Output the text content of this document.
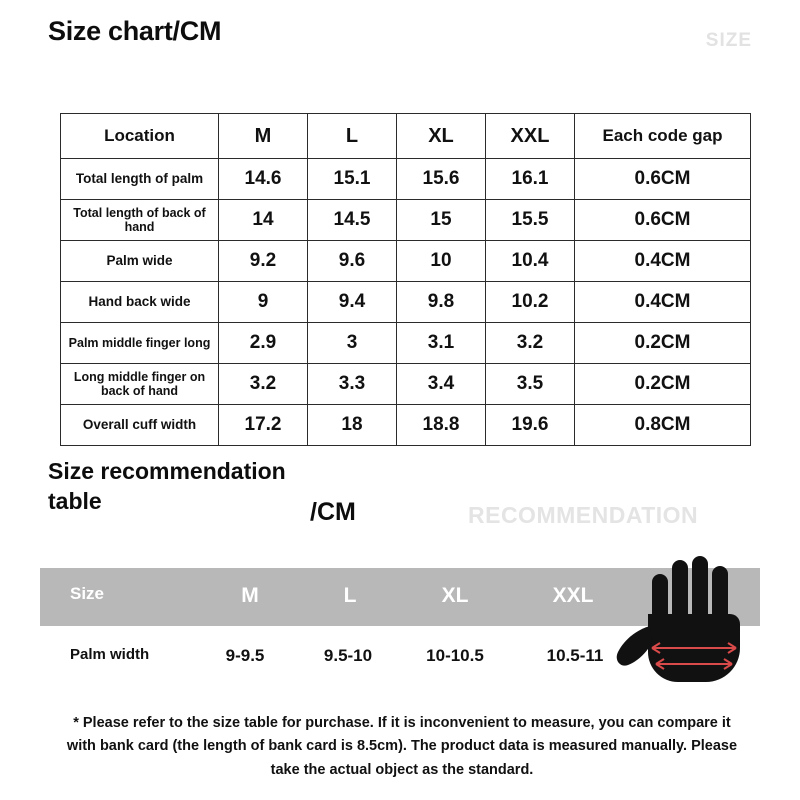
Size chart/CM	SIZE
Location	M	L	XL	XXL	Each code gap
Total length of palm	14.6	15.1	15.6	16.1	0.6CM
Total length of back of hand	14	14.5	15	15.5	0.6CM
Palm wide	9.2	9.6	10	10.4	0.4CM
Hand back wide	9	9.4	9.8	10.2	0.4CM
Palm middle finger long	2.9	3	3.1	3.2	0.2CM
Long middle finger on back of hand	3.2	3.3	3.4	3.5	0.2CM
Overall cuff width	17.2	18	18.8	19.6	0.8CM
Size recommendation table	/CM	RECOMMENDATION
Size	M	L	XL	XXL
Palm width	9-9.5	9.5-10	10-10.5	10.5-11
* Please refer to the size table for purchase. If it is inconvenient to measure, you can compare it with bank card (the length of bank card is 8.5cm). The product data is measured manually. Please take the actual object as the standard.
